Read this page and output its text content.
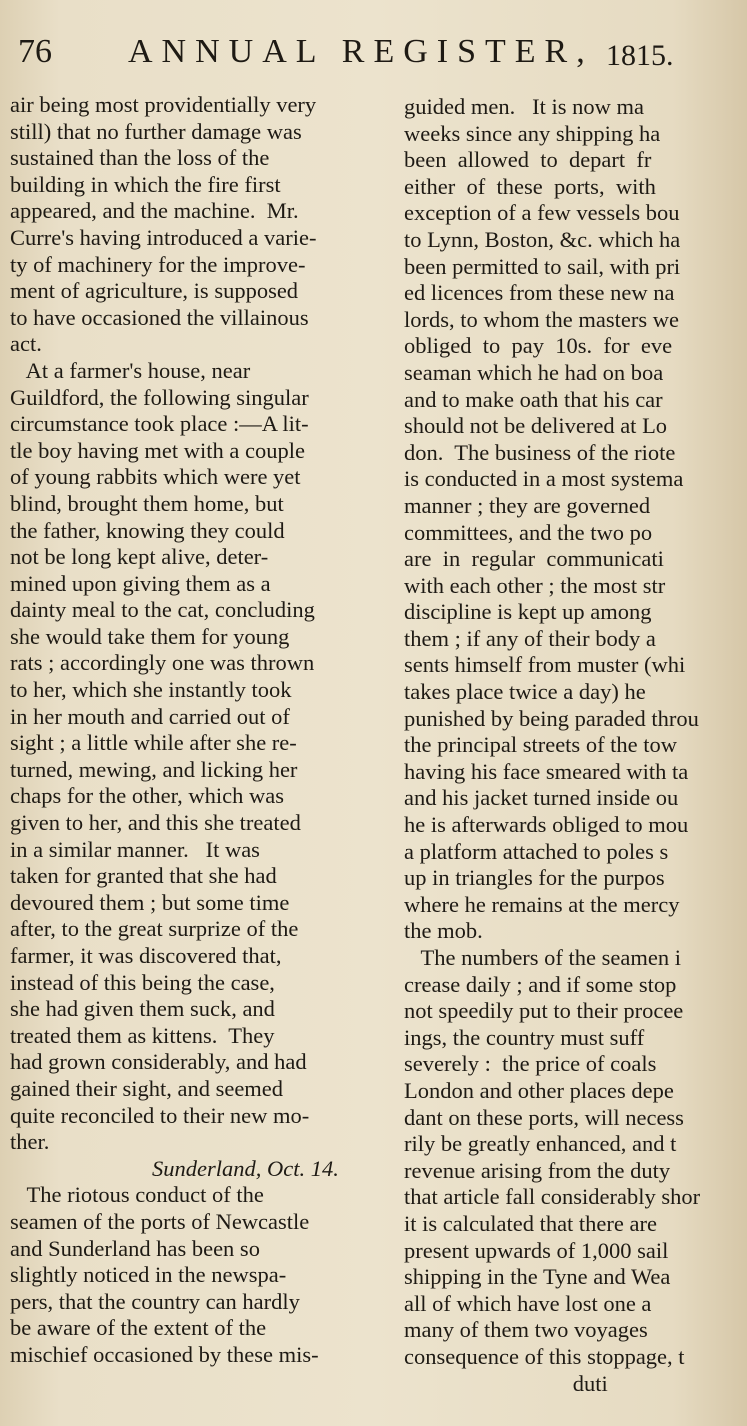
76 ANNUAL REGISTER, 1815.
air being most providentially very
still) that no further damage was
sustained than the loss of the
building in which the fire first
appeared, and the machine.  Mr.
Curre's having introduced a varie-
ty of machinery for the improve-
ment of agriculture, is supposed
to have occasioned the villainous
act.
At a farmer's house, near
Guildford, the following singular
circumstance took place :—A lit-
tle boy having met with a couple
of young rabbits which were yet
blind, brought them home, but
the father, knowing they could
not be long kept alive, deter-
mined upon giving them as a
dainty meal to the cat, concluding
she would take them for young
rats ; accordingly one was thrown
to her, which she instantly took
in her mouth and carried out of
sight ; a little while after she re-
turned, mewing, and licking her
chaps for the other, which was
given to her, and this she treated
in a similar manner.   It was
taken for granted that she had
devoured them ; but some time
after, to the great surprize of the
farmer, it was discovered that,
instead of this being the case,
she had given them suck, and
treated them as kittens.  They
had grown considerably, and had
gained their sight, and seemed
quite reconciled to their new mo-
ther.
Sunderland, Oct. 14.
The riotous conduct of the
seamen of the ports of Newcastle
and Sunderland has been so
slightly noticed in the newspa-
pers, that the country can hardly
be aware of the extent of the
mischief occasioned by these mis-
guided men.   It is now ma
weeks since any shipping ha
been  allowed  to  depart  fr
either  of  these  ports,  with
exception of a few vessels bou
to Lynn, Boston, &c. which ha
been permitted to sail, with pri
ed licences from these new na
lords, to whom the masters we
obliged  to  pay  10s.  for  eve
seaman which he had on boa
and to make oath that his car
should not be delivered at Lo
don.  The business of the riote
is conducted in a most systema
manner ; they are governed
committees, and the two po
are  in  regular  communicati
with each other ; the most str
discipline is kept up among
them ; if any of their body a
sents himself from muster (whi
takes place twice a day) he
punished by being paraded throu
the principal streets of the tow
having his face smeared with ta
and his jacket turned inside ou
he is afterwards obliged to mou
a platform attached to poles s
up in triangles for the purpos
where he remains at the mercy
the mob.
The numbers of the seamen i
crease daily ; and if some stop
not speedily put to their procee
ings, the country must suff
severely :  the price of coals
London and other places depe
dant on these ports, will necess
rily be greatly enhanced, and t
revenue arising from the duty
that article fall considerably shor
it is calculated that there are
present upwards of 1,000 sail
shipping in the Tyne and Wea
all of which have lost one a
many of them two voyages
consequence of this stoppage, t
duti
